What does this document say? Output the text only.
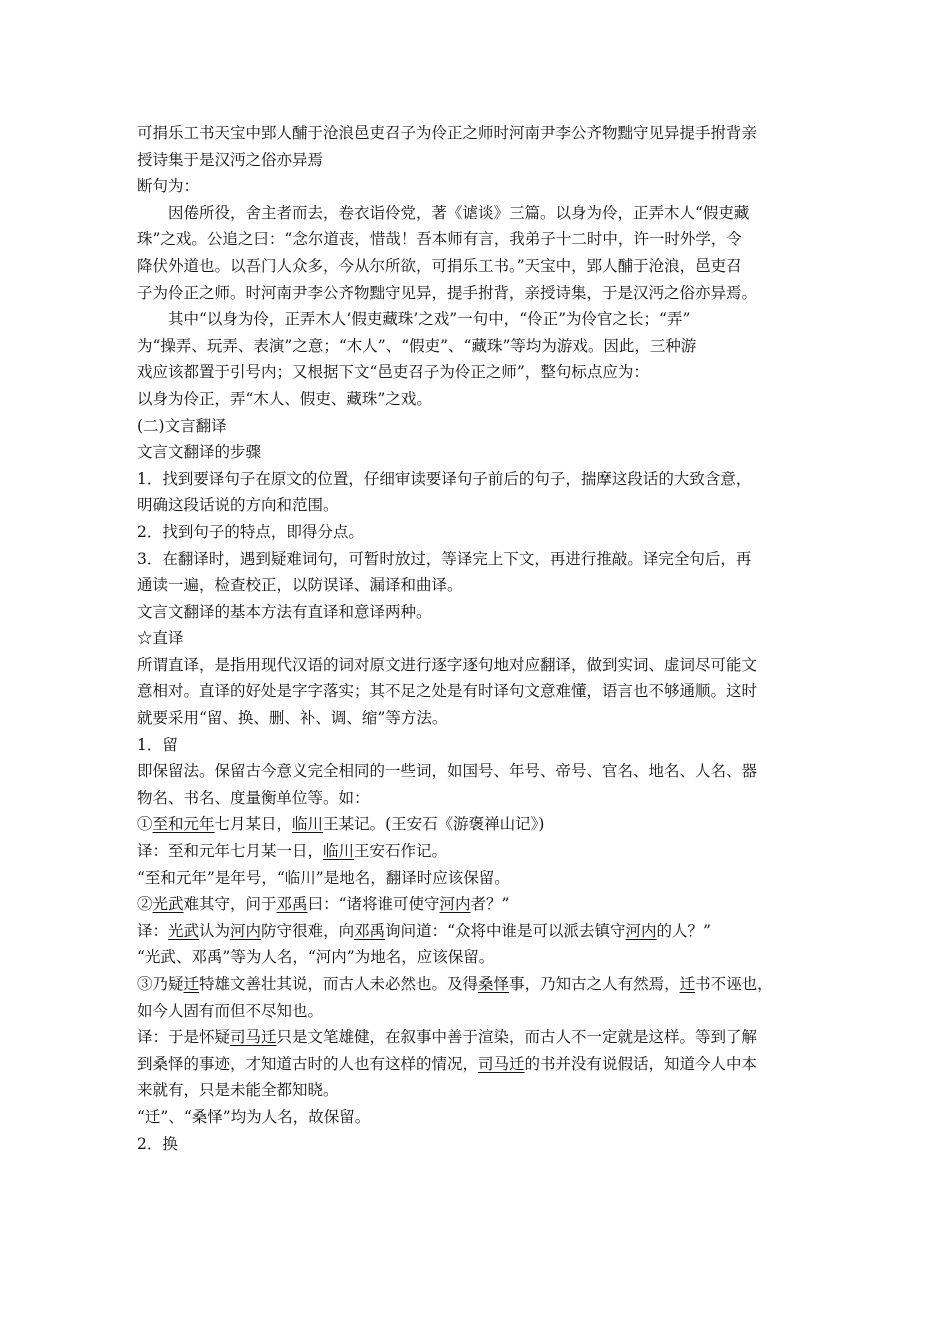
可捐乐工书天宝中郢人酺于沧浪邑吏召子为伶正之师时河南尹李公齐物黜守见异提手拊背亲
授诗集于是汉沔之俗亦异焉
断句为：
因倦所役，舍主者而去，卷衣诣伶党，著《谑谈》三篇。以身为伶，正弄木人“假吏藏
珠”之戏。公追之曰：“念尔道丧，惜哉！吾本师有言，我弟子十二时中，许一时外学，令
降伏外道也。以吾门人众多，今从尔所欲，可捐乐工书。”天宝中，郢人酺于沧浪，邑吏召
子为伶正之师。时河南尹李公齐物黜守见异，提手拊背，亲授诗集，于是汉沔之俗亦异焉。
其中“以身为伶，正弄木人‘假吏藏珠’之戏”一句中，“伶正”为伶官之长；“弄”
为“操弄、玩弄、表演”之意；“木人”、“假吏”、“藏珠”等均为游戏。因此，三种游
戏应该都置于引号内；又根据下文“邑吏召子为伶正之师”，整句标点应为：
以身为伶正，弄“木人、假吏、藏珠”之戏。
(二)文言翻译
文言文翻译的步骤
1．找到要译句子在原文的位置，仔细审读要译句子前后的句子，揣摩这段话的大致含意，
明确这段话说的方向和范围。
2．找到句子的特点，即得分点。
3．在翻译时，遇到疑难词句，可暂时放过，等译完上下文，再进行推敲。译完全句后，再
通读一遍，检查校正，以防误译、漏译和曲译。
文言文翻译的基本方法有直译和意译两种。
☆直译
所谓直译，是指用现代汉语的词对原文进行逐字逐句地对应翻译，做到实词、虚词尽可能文
意相对。直译的好处是字字落实；其不足之处是有时译句文意难懂，语言也不够通顺。这时
就要采用“留、换、删、补、调、缩”等方法。
1．留
即保留法。保留古今意义完全相同的一些词，如国号、年号、帝号、官名、地名、人名、器
物名、书名、度量衡单位等。如：
①至和元年七月某日，临川王某记。(王安石《游褒禅山记》)
译：至和元年七月某一日，临川王安石作记。
“至和元年”是年号，“临川”是地名，翻译时应该保留。
②光武难其守，问于邓禹曰：“诸将谁可使守河内者？”
译：光武认为河内防守很难，向邓禹询问道：“众将中谁是可以派去镇守河内的人？”
“光武、邓禹”等为人名，“河内”为地名，应该保留。
③乃疑迁特雄文善壮其说，而古人未必然也。及得桑怿事，乃知古之人有然焉，迁书不诬也，
如今人固有而但不尽知也。
译：于是怀疑司马迁只是文笔雄健，在叙事中善于渲染，而古人不一定就是这样。等到了解
到桑怿的事迹，才知道古时的人也有这样的情况，司马迁的书并没有说假话，知道今人中本
来就有，只是未能全都知晓。
“迁”、“桑怿”均为人名，故保留。
2．换
